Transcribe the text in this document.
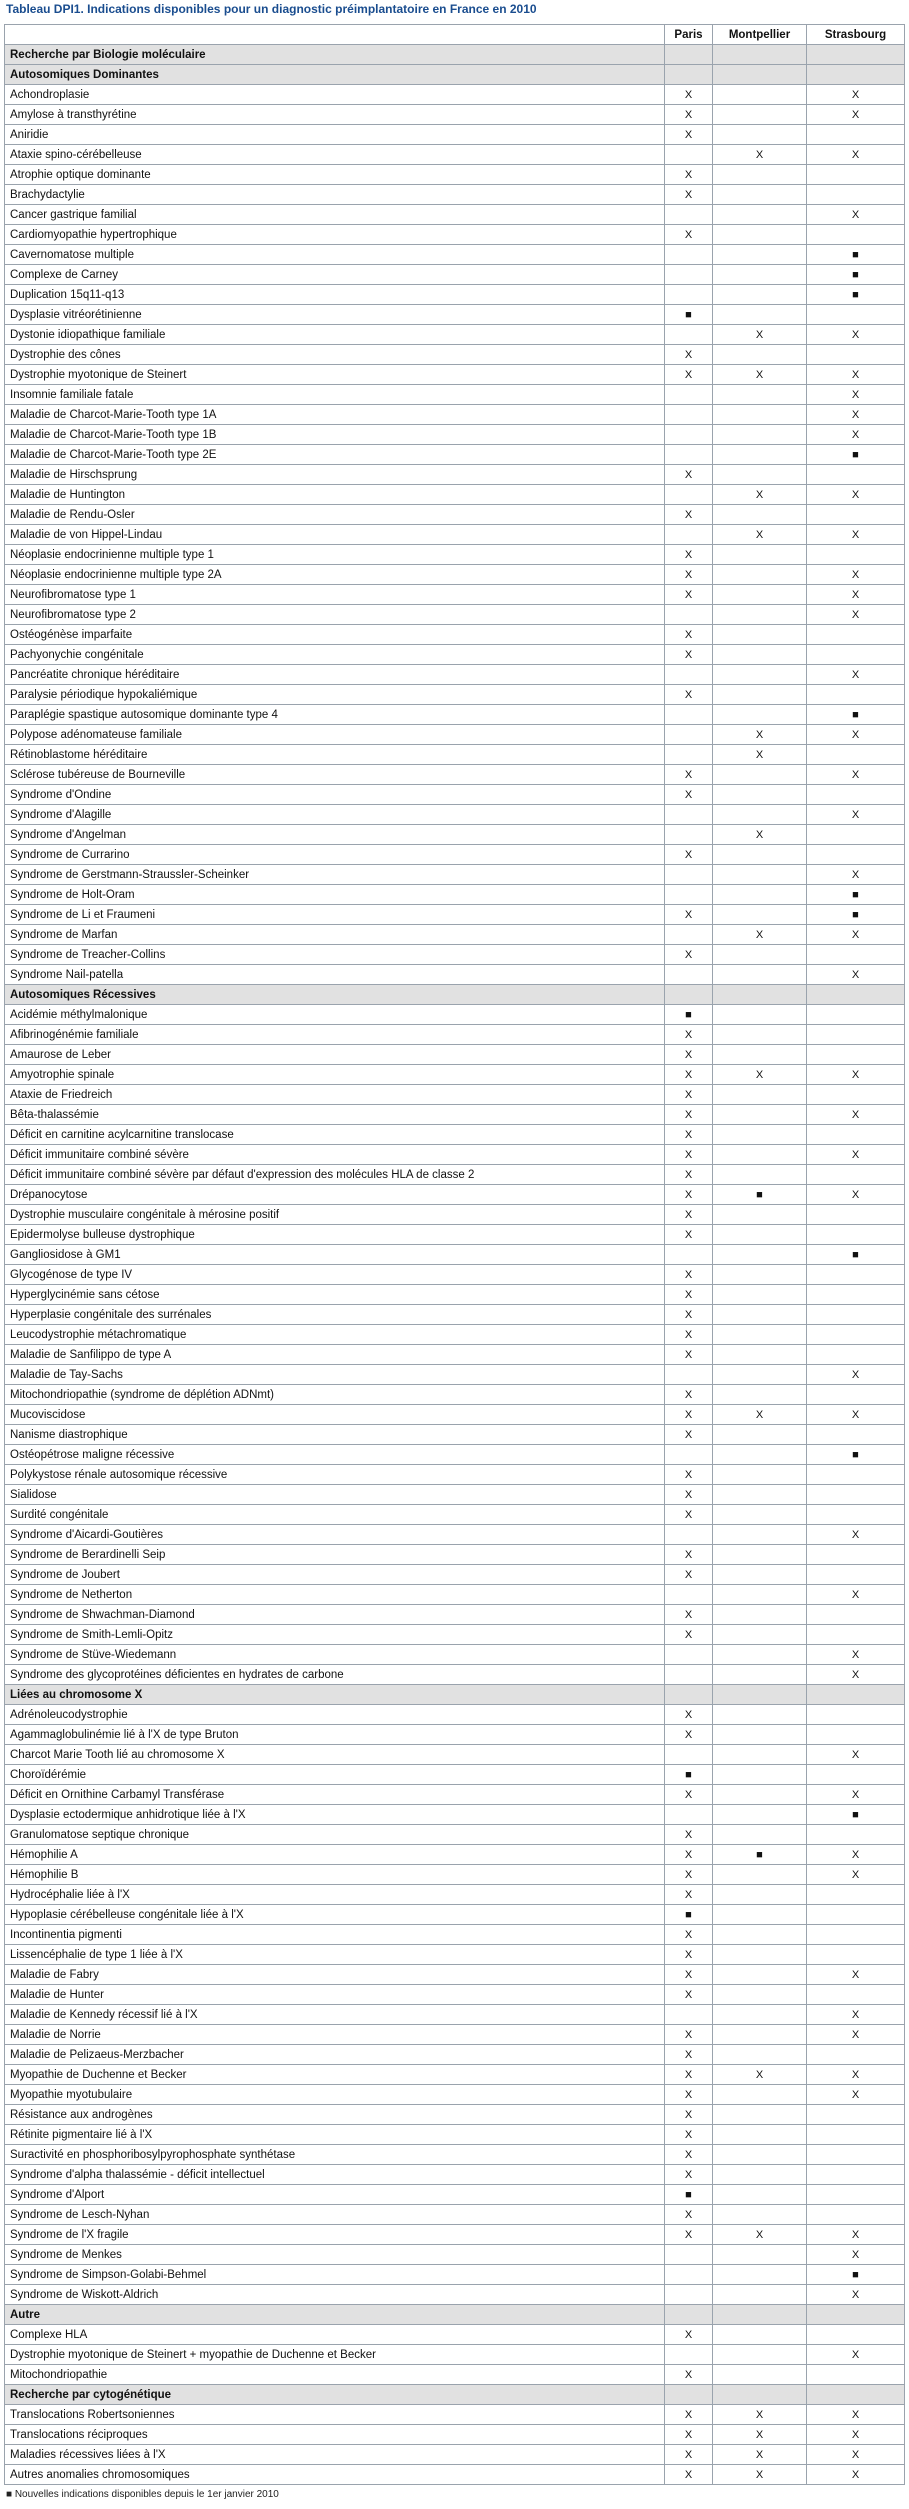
Tableau DPI1. Indications disponibles pour un diagnostic préimplantatoire en France en 2010
	Paris	Montpellier	Strasbourg
Recherche par Biologie moléculaire			
Autosomiques Dominantes			
Achondroplasie	X		X
Amylose à transthyrétine	X		X
Aniridie	X		
Ataxie spino-cérébelleuse		X	X
Atrophie optique dominante	X		
Brachydactylie	X		
Cancer gastrique familial			X
Cardiomyopathie hypertrophique	X		
Cavernomatose multiple			■
Complexe de Carney			■
Duplication 15q11-q13			■
Dysplasie vitréorétinienne	■		
Dystonie idiopathique familiale		X	X
Dystrophie des cônes	X		
Dystrophie myotonique de Steinert	X	X	X
Insomnie familiale fatale			X
Maladie de Charcot-Marie-Tooth type 1A			X
Maladie de Charcot-Marie-Tooth type 1B			X
Maladie de Charcot-Marie-Tooth type 2E			■
Maladie de Hirschsprung	X		
Maladie de Huntington		X	X
Maladie de Rendu-Osler	X		
Maladie de von Hippel-Lindau		X	X
Néoplasie endocrinienne multiple type 1	X		
Néoplasie endocrinienne multiple type 2A	X		X
Neurofibromatose type 1	X		X
Neurofibromatose type 2			X
Ostéogénèse imparfaite	X		
Pachyonychie congénitale	X		
Pancréatite chronique héréditaire			X
Paralysie périodique hypokaliémique	X		
Paraplégie spastique autosomique dominante type 4			■
Polypose adénomateuse familiale		X	X
Rétinoblastome héréditaire		X	
Sclérose tubéreuse de Bourneville	X		X
Syndrome d'Ondine	X		
Syndrome d'Alagille			X
Syndrome d'Angelman		X	
Syndrome de Currarino	X		
Syndrome de Gerstmann-Straussler-Scheinker			X
Syndrome de Holt-Oram			■
Syndrome de Li et Fraumeni	X		■
Syndrome de Marfan		X	X
Syndrome de Treacher-Collins	X		
Syndrome Nail-patella			X
Autosomiques Récessives			
Acidémie méthylmalonique	■		
Afibrinogénémie familiale	X		
Amaurose de Leber	X		
Amyotrophie spinale	X	X	X
Ataxie de Friedreich	X		
Bêta-thalassémie	X		X
Déficit en carnitine acylcarnitine translocase	X		
Déficit immunitaire combiné sévère	X		X
Déficit immunitaire combiné sévère par défaut d'expression des molécules HLA de classe 2	X		
Drépanocytose	X	■	X
Dystrophie musculaire congénitale à mérosine positif	X		
Epidermolyse bulleuse dystrophique	X		
Gangliosidose à GM1			■
Glycogénose de type IV	X		
Hyperglycinémie sans cétose	X		
Hyperplasie congénitale des surrénales	X		
Leucodystrophie métachromatique	X		
Maladie de Sanfilippo de type A	X		
Maladie de Tay-Sachs			X
Mitochondriopathie (syndrome de déplétion ADNmt)	X		
Mucoviscidose	X	X	X
Nanisme diastrophique	X		
Ostéopétrose maligne récessive			■
Polykystose rénale autosomique récessive	X		
Sialidose	X		
Surdité congénitale	X		
Syndrome d'Aicardi-Goutières			X
Syndrome de Berardinelli Seip	X		
Syndrome de Joubert	X		
Syndrome de Netherton			X
Syndrome de Shwachman-Diamond	X		
Syndrome de Smith-Lemli-Opitz	X		
Syndrome de Stüve-Wiedemann			X
Syndrome des glycoprotéines déficientes en hydrates de carbone			X
Liées au chromosome X			
Adrénoleucodystrophie	X		
Agammaglobulinémie lié à l'X de type Bruton	X		
Charcot Marie Tooth lié au chromosome X			X
Choroïdérémie	■		
Déficit en Ornithine Carbamyl Transférase	X		X
Dysplasie ectodermique anhidrotique liée à l'X			■
Granulomatose septique chronique	X		
Hémophilie A	X	■	X
Hémophilie B	X		X
Hydrocéphalie liée à l'X	X		
Hypoplasie cérébelleuse congénitale liée à l'X	■		
Incontinentia pigmenti	X		
Lissencéphalie de type 1 liée à l'X	X		
Maladie de Fabry	X		X
Maladie de Hunter	X		
Maladie de Kennedy récessif lié à l'X			X
Maladie de Norrie	X		X
Maladie de Pelizaeus-Merzbacher	X		
Myopathie de Duchenne et Becker	X	X	X
Myopathie myotubulaire	X		X
Résistance aux androgènes	X		
Rétinite pigmentaire lié à l'X	X		
Suractivité en phosphoribosylpyrophosphate synthétase	X		
Syndrome d'alpha thalassémie - déficit intellectuel	X		
Syndrome d'Alport	■		
Syndrome de Lesch-Nyhan	X		
Syndrome de l'X fragile	X	X	X
Syndrome de Menkes			X
Syndrome de Simpson-Golabi-Behmel			■
Syndrome de Wiskott-Aldrich			X
Autre			
Complexe HLA	X		
Dystrophie myotonique de Steinert + myopathie de Duchenne et Becker			X
Mitochondriopathie	X		
Recherche par cytogénétique			
Translocations Robertsoniennes	X	X	X
Translocations réciproques	X	X	X
Maladies récessives liées à l'X	X	X	X
Autres anomalies chromosomiques	X	X	X
■ Nouvelles indications disponibles depuis le 1er janvier 2010
